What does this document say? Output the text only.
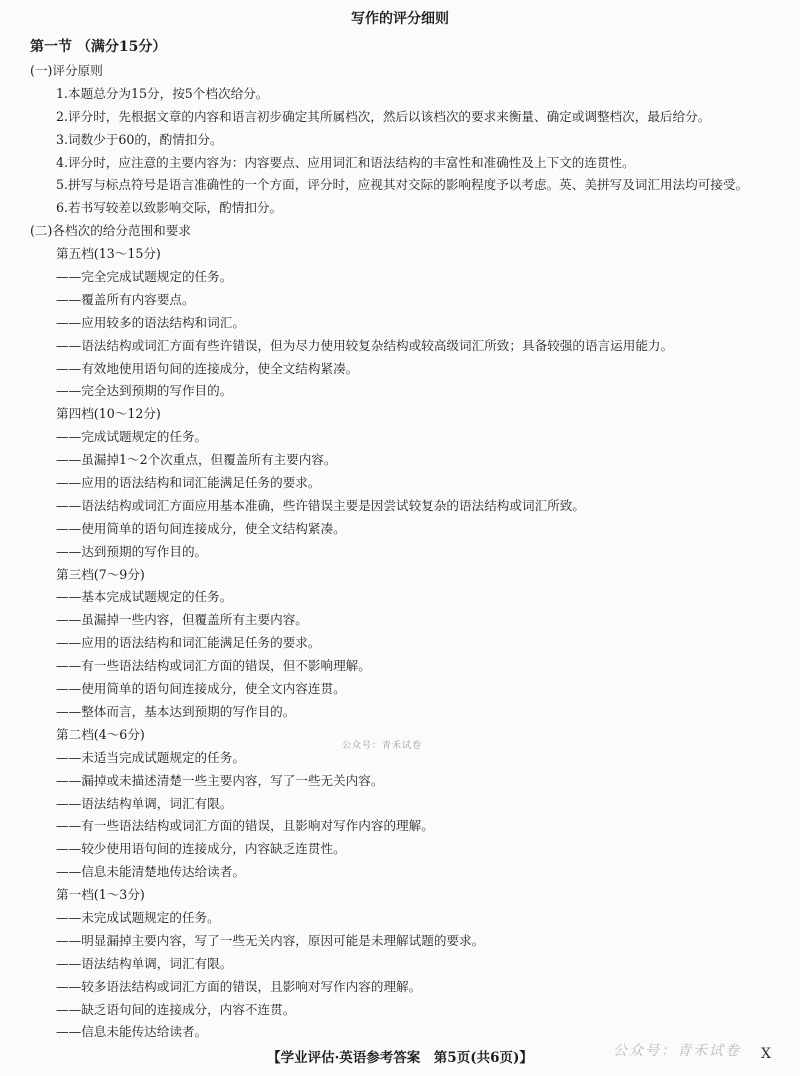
写作的评分细则
第一节 （满分15分）
(一)评分原则
1.本题总分为15分，按5个档次给分。
2.评分时，先根据文章的内容和语言初步确定其所属档次，然后以该档次的要求来衡量、确定或调整档次，最后给分。
3.词数少于60的，酌情扣分。
4.评分时，应注意的主要内容为：内容要点、应用词汇和语法结构的丰富性和准确性及上下文的连贯性。
5.拼写与标点符号是语言准确性的一个方面，评分时，应视其对交际的影响程度予以考虑。英、美拼写及词汇用法均可接受。
6.若书写较差以致影响交际，酌情扣分。
(二)各档次的给分范围和要求
第五档(13～15分)
——完全完成试题规定的任务。
——覆盖所有内容要点。
——应用较多的语法结构和词汇。
——语法结构或词汇方面有些许错误，但为尽力使用较复杂结构或较高级词汇所致；具备较强的语言运用能力。
——有效地使用语句间的连接成分，使全文结构紧凑。
——完全达到预期的写作目的。
第四档(10～12分)
——完成试题规定的任务。
——虽漏掉1～2个次重点，但覆盖所有主要内容。
——应用的语法结构和词汇能满足任务的要求。
——语法结构或词汇方面应用基本准确，些许错误主要是因尝试较复杂的语法结构或词汇所致。
——使用简单的语句间连接成分，使全文结构紧凑。
——达到预期的写作目的。
第三档(7～9分)
——基本完成试题规定的任务。
——虽漏掉一些内容，但覆盖所有主要内容。
——应用的语法结构和词汇能满足任务的要求。
——有一些语法结构或词汇方面的错误，但不影响理解。
——使用简单的语句间连接成分，使全文内容连贯。
——整体而言，基本达到预期的写作目的。
第二档(4～6分)
——未适当完成试题规定的任务。
——漏掉或未描述清楚一些主要内容，写了一些无关内容。
——语法结构单调，词汇有限。
——有一些语法结构或词汇方面的错误，且影响对写作内容的理解。
——较少使用语句间的连接成分，内容缺乏连贯性。
——信息未能清楚地传达给读者。
第一档(1～3分)
——未完成试题规定的任务。
——明显漏掉主要内容，写了一些无关内容，原因可能是未理解试题的要求。
——语法结构单调，词汇有限。
——较多语法结构或词汇方面的错误，且影响对写作内容的理解。
——缺乏语句间的连接成分，内容不连贯。
——信息未能传达给读者。
公众号：青禾试卷
【学业评估·英语参考答案　第5页(共6页)】	公众号：青禾试卷 X
